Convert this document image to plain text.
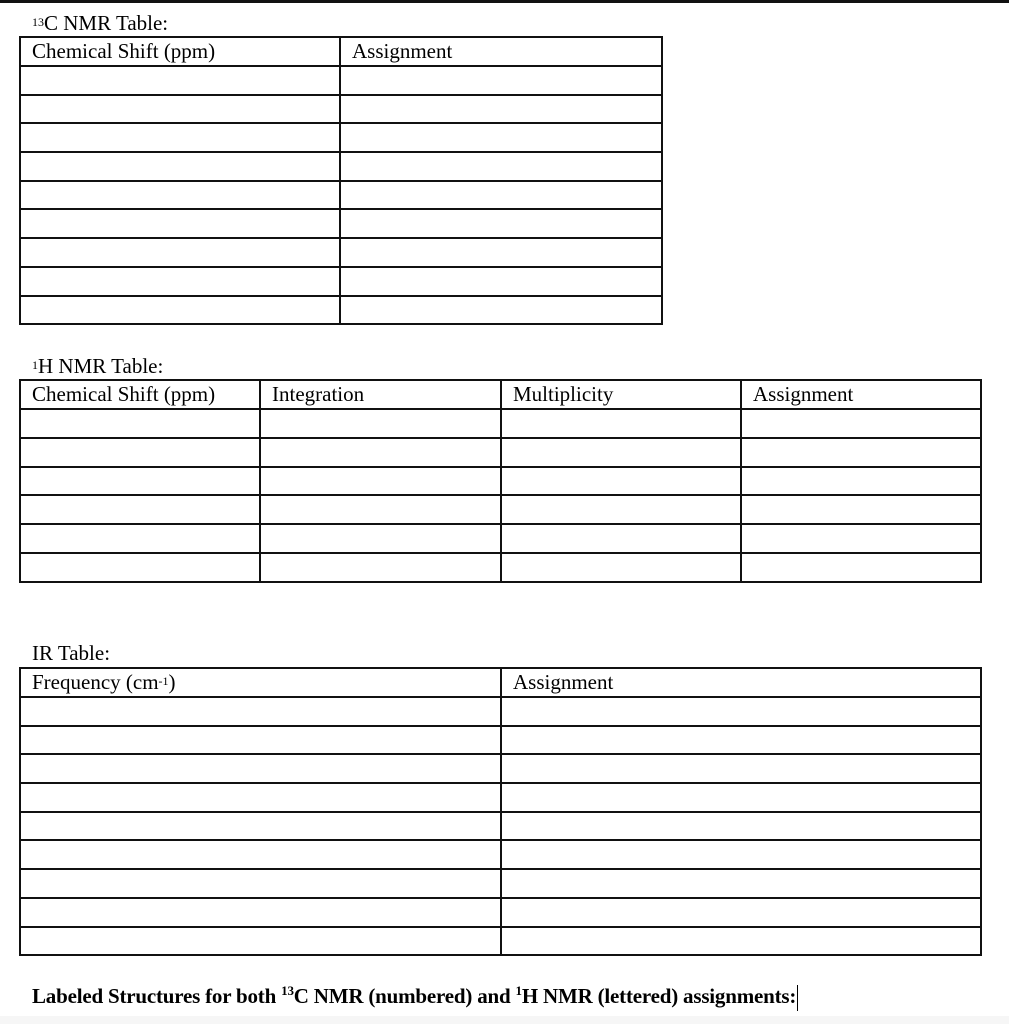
$^{13}$C NMR Table:
Chemical Shift (ppm)	Assignment

$^1$H NMR Table:
Chemical Shift (ppm)	Integration	Multiplicity	Assignment

IR Table:
Frequency $(cm^{-1})$	Assignment

Labeled Structures for both $^{13}$C NMR (numbered) and $^1$H NMR (lettered) assignments:
